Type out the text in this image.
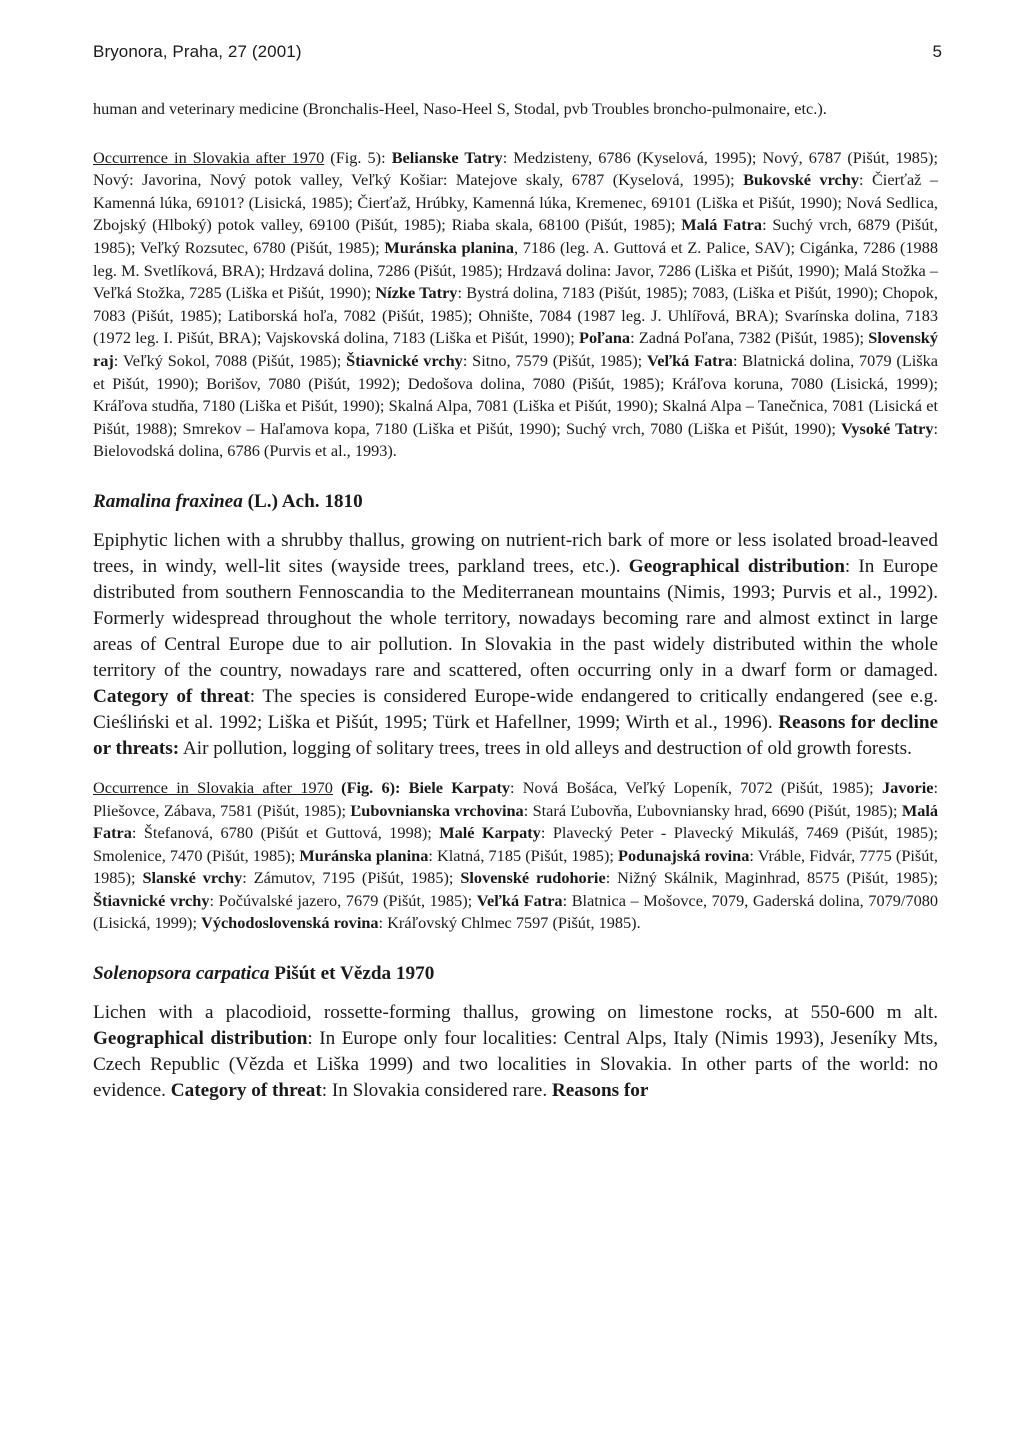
Bryonora, Praha, 27 (2001)	5

human and veterinary medicine (Bronchalis-Heel, Naso-Heel S, Stodal, pvb Troubles broncho-pulmonaire, etc.).

Occurrence in Slovakia after 1970 (Fig. 5): Belianske Tatry: Medzisteny, 6786 (Kyselová, 1995); Nový, 6787 (Pišút, 1985); Nový: Javorina, Nový potok valley, Veľký Košiar: Matejove skaly, 6787 (Kyselová, 1995); Bukovské vrchy: Čierťaž – Kamenná lúka, 69101? (Lisická, 1985); Čierťaž, Hrúbky, Kamenná lúka, Kremenec, 69101 (Liška et Pišút, 1990); Nová Sedlica, Zbojský (Hlboký) potok valley, 69100 (Pišút, 1985); Riaba skala, 68100 (Pišút, 1985); Malá Fatra: Suchý vrch, 6879 (Pišút, 1985); Veľký Rozsutec, 6780 (Pišút, 1985); Muránska planina, 7186 (leg. A. Guttová et Z. Palice, SAV); Cigánka, 7286 (1988 leg. M. Svetlíková, BRA); Hrdzavá dolina, 7286 (Pišút, 1985); Hrdzavá dolina: Javor, 7286 (Liška et Pišút, 1990); Malá Stožka – Veľká Stožka, 7285 (Liška et Pišút, 1990); Nízke Tatry: Bystrá dolina, 7183 (Pišút, 1985); 7083, (Liška et Pišút, 1990); Chopok, 7083 (Pišút, 1985); Latiborská hoľa, 7082 (Pišút, 1985); Ohnište, 7084 (1987 leg. J. Uhlířová, BRA); Svarínska dolina, 7183 (1972 leg. I. Pišút, BRA); Vajskovská dolina, 7183 (Liška et Pišút, 1990); Poľana: Zadná Poľana, 7382 (Pišút, 1985); Slovenský raj: Veľký Sokol, 7088 (Pišút, 1985); Štiavnické vrchy: Sitno, 7579 (Pišút, 1985); Veľká Fatra: Blatnická dolina, 7079 (Liška et Pišút, 1990); Borišov, 7080 (Pišút, 1992); Dedošova dolina, 7080 (Pišút, 1985); Kráľova koruna, 7080 (Lisická, 1999); Kráľova studňa, 7180 (Liška et Pišút, 1990); Skalná Alpa, 7081 (Liška et Pišút, 1990); Skalná Alpa – Tanečnica, 7081 (Lisická et Pišút, 1988); Smrekov – Haľamova kopa, 7180 (Liška et Pišút, 1990); Suchý vrch, 7080 (Liška et Pišút, 1990); Vysoké Tatry: Bielovodská dolina, 6786 (Purvis et al., 1993).

Ramalina fraxinea (L.) Ach. 1810

Epiphytic lichen with a shrubby thallus, growing on nutrient-rich bark of more or less isolated broad-leaved trees, in windy, well-lit sites (wayside trees, parkland trees, etc.). Geographical distribution: In Europe distributed from southern Fennoscandia to the Mediterranean mountains (Nimis, 1993; Purvis et al., 1992). Formerly widespread throughout the whole territory, nowadays becoming rare and almost extinct in large areas of Central Europe due to air pollution. In Slovakia in the past widely distributed within the whole territory of the country, nowadays rare and scattered, often occurring only in a dwarf form or damaged. Category of threat: The species is considered Europe-wide endangered to critically endangered (see e.g. Cieśliński et al. 1992; Liška et Pišút, 1995; Türk et Hafellner, 1999; Wirth et al., 1996). Reasons for decline or threats: Air pollution, logging of solitary trees, trees in old alleys and destruction of old growth forests.

Occurrence in Slovakia after 1970 (Fig. 6): Biele Karpaty: Nová Bošáca, Veľký Lopeník, 7072 (Pišút, 1985); Javorie: Pliešovce, Zábava, 7581 (Pišút, 1985); Ľubovnianska vrchovina: Stará Ľubovňa, Ľubovniansky hrad, 6690 (Pišút, 1985); Malá Fatra: Štefanová, 6780 (Pišút et Guttová, 1998); Malé Karpaty: Plavecký Peter - Plavecký Mikuláš, 7469 (Pišút, 1985); Smolenice, 7470 (Pišút, 1985); Muránska planina: Klatná, 7185 (Pišút, 1985); Podunajská rovina: Vráble, Fidvár, 7775 (Pišút, 1985); Slanské vrchy: Zámutov, 7195 (Pišút, 1985); Slovenské rudohorie: Nižný Skálnik, Maginhrad, 8575 (Pišút, 1985); Štiavnické vrchy: Počúvalské jazero, 7679 (Pišút, 1985); Veľká Fatra: Blatnica – Mošovce, 7079, Gaderská dolina, 7079/7080 (Lisická, 1999); Východoslovenská rovina: Kráľovský Chlmec 7597 (Pišút, 1985).

Solenopsora carpatica Pišút et Vězda 1970

Lichen with a placodioid, rossette-forming thallus, growing on limestone rocks, at 550-600 m alt. Geographical distribution: In Europe only four localities: Central Alps, Italy (Nimis 1993), Jeseníky Mts, Czech Republic (Vězda et Liška 1999) and two localities in Slovakia. In other parts of the world: no evidence. Category of threat: In Slovakia considered rare. Reasons for
